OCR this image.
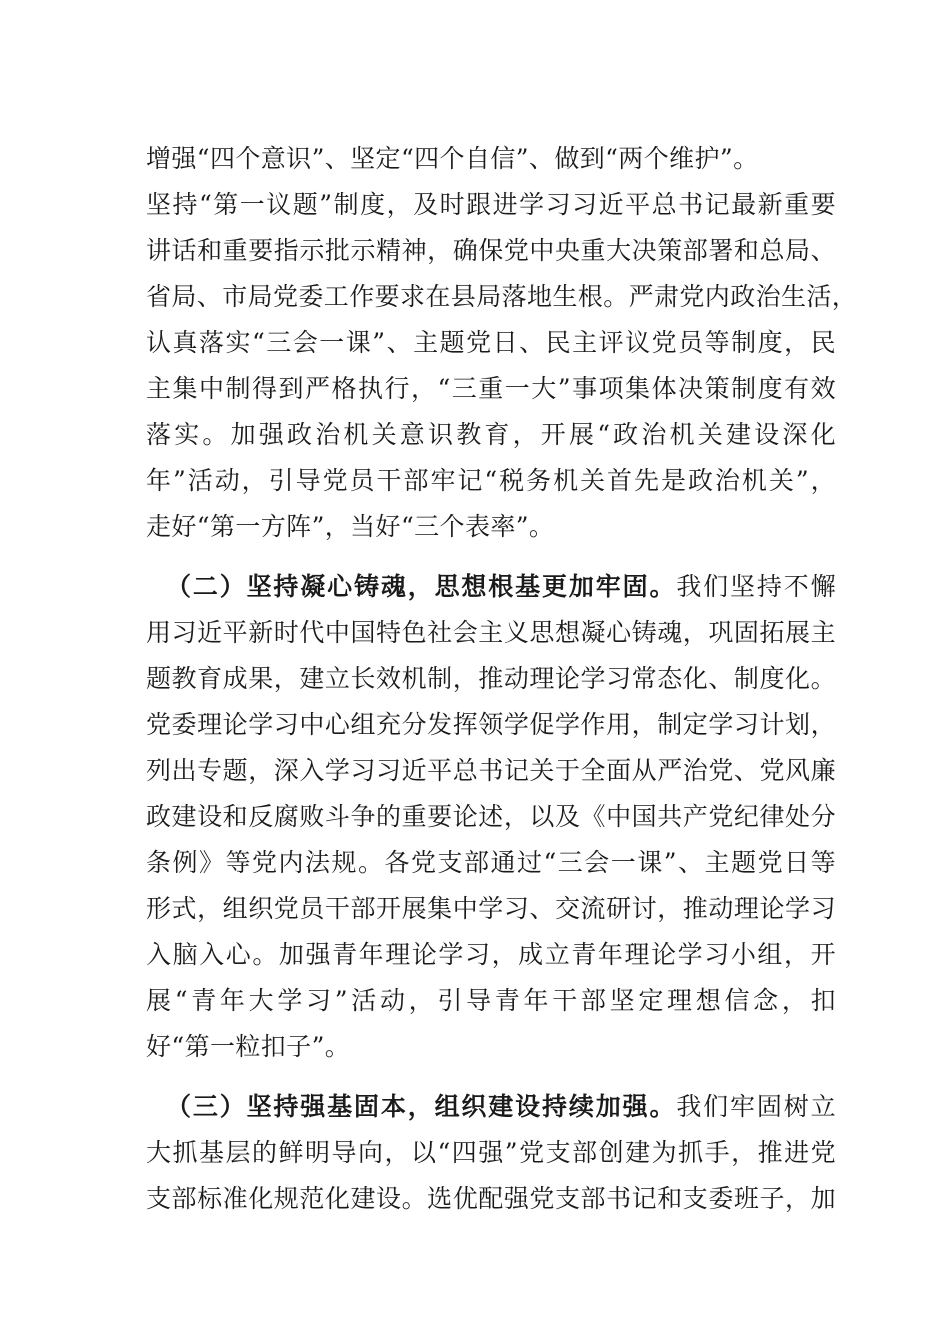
增强“四个意识”、坚定“四个自信”、做到“两个维护”。
坚持“第一议题”制度，及时跟进学习习近平总书记最新重要
讲话和重要指示批示精神，确保党中央重大决策部署和总局、
省局、市局党委工作要求在县局落地生根。严肃党内政治生活，
认真落实“三会一课”、主题党日、民主评议党员等制度，民
主集中制得到严格执行，“三重一大”事项集体决策制度有效
落实。加强政治机关意识教育，开展“政治机关建设深化
年”活动，引导党员干部牢记“税务机关首先是政治机关”，
走好“第一方阵”，当好“三个表率”。
（二）坚持凝心铸魂，思想根基更加牢固。我们坚持不懈
用习近平新时代中国特色社会主义思想凝心铸魂，巩固拓展主
题教育成果，建立长效机制，推动理论学习常态化、制度化。
党委理论学习中心组充分发挥领学促学作用，制定学习计划，
列出专题，深入学习习近平总书记关于全面从严治党、党风廉
政建设和反腐败斗争的重要论述，以及《中国共产党纪律处分
条例》等党内法规。各党支部通过“三会一课”、主题党日等
形式，组织党员干部开展集中学习、交流研讨，推动理论学习
入脑入心。加强青年理论学习，成立青年理论学习小组，开
展“青年大学习”活动，引导青年干部坚定理想信念，扣
好“第一粒扣子”。
（三）坚持强基固本，组织建设持续加强。我们牢固树立
大抓基层的鲜明导向，以“四强”党支部创建为抓手，推进党
支部标准化规范化建设。选优配强党支部书记和支委班子，加
